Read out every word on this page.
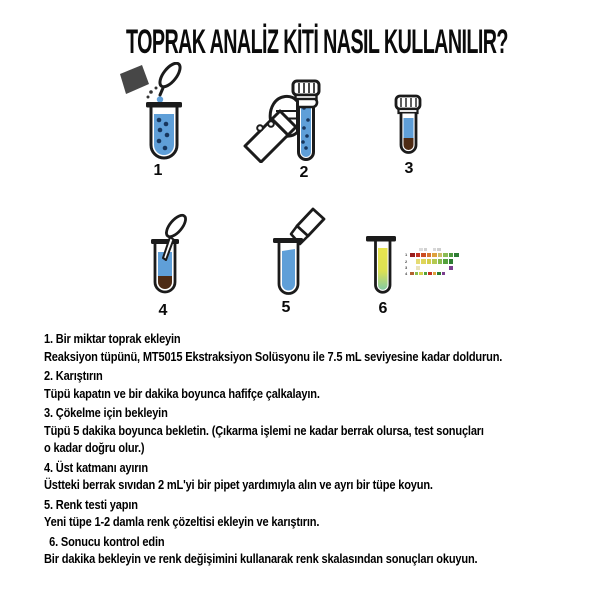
TOPRAK ANALİZ KİTİ NASIL KULLANILIR?
1	2	3
4	5
1
2
3
4
6
1. Bir miktar toprak ekleyin
Reaksiyon tüpünü, MT5015 Ekstraksiyon Solüsyonu ile 7.5 mL seviyesine kadar doldurun.
2. Karıştırın
Tüpü kapatın ve bir dakika boyunca hafifçe çalkalayın.
3. Çökelme için bekleyin
Tüpü 5 dakika boyunca bekletin. (Çıkarma işlemi ne kadar berrak olursa, test sonuçları
o kadar doğru olur.)
4. Üst katmanı ayırın
Üstteki berrak sıvıdan 2 mL'yi bir pipet yardımıyla alın ve ayrı bir tüpe koyun.
5. Renk testi yapın
Yeni tüpe 1-2 damla renk çözeltisi ekleyin ve karıştırın.
6. Sonucu kontrol edin
Bir dakika bekleyin ve renk değişimini kullanarak renk skalasından sonuçları okuyun.
